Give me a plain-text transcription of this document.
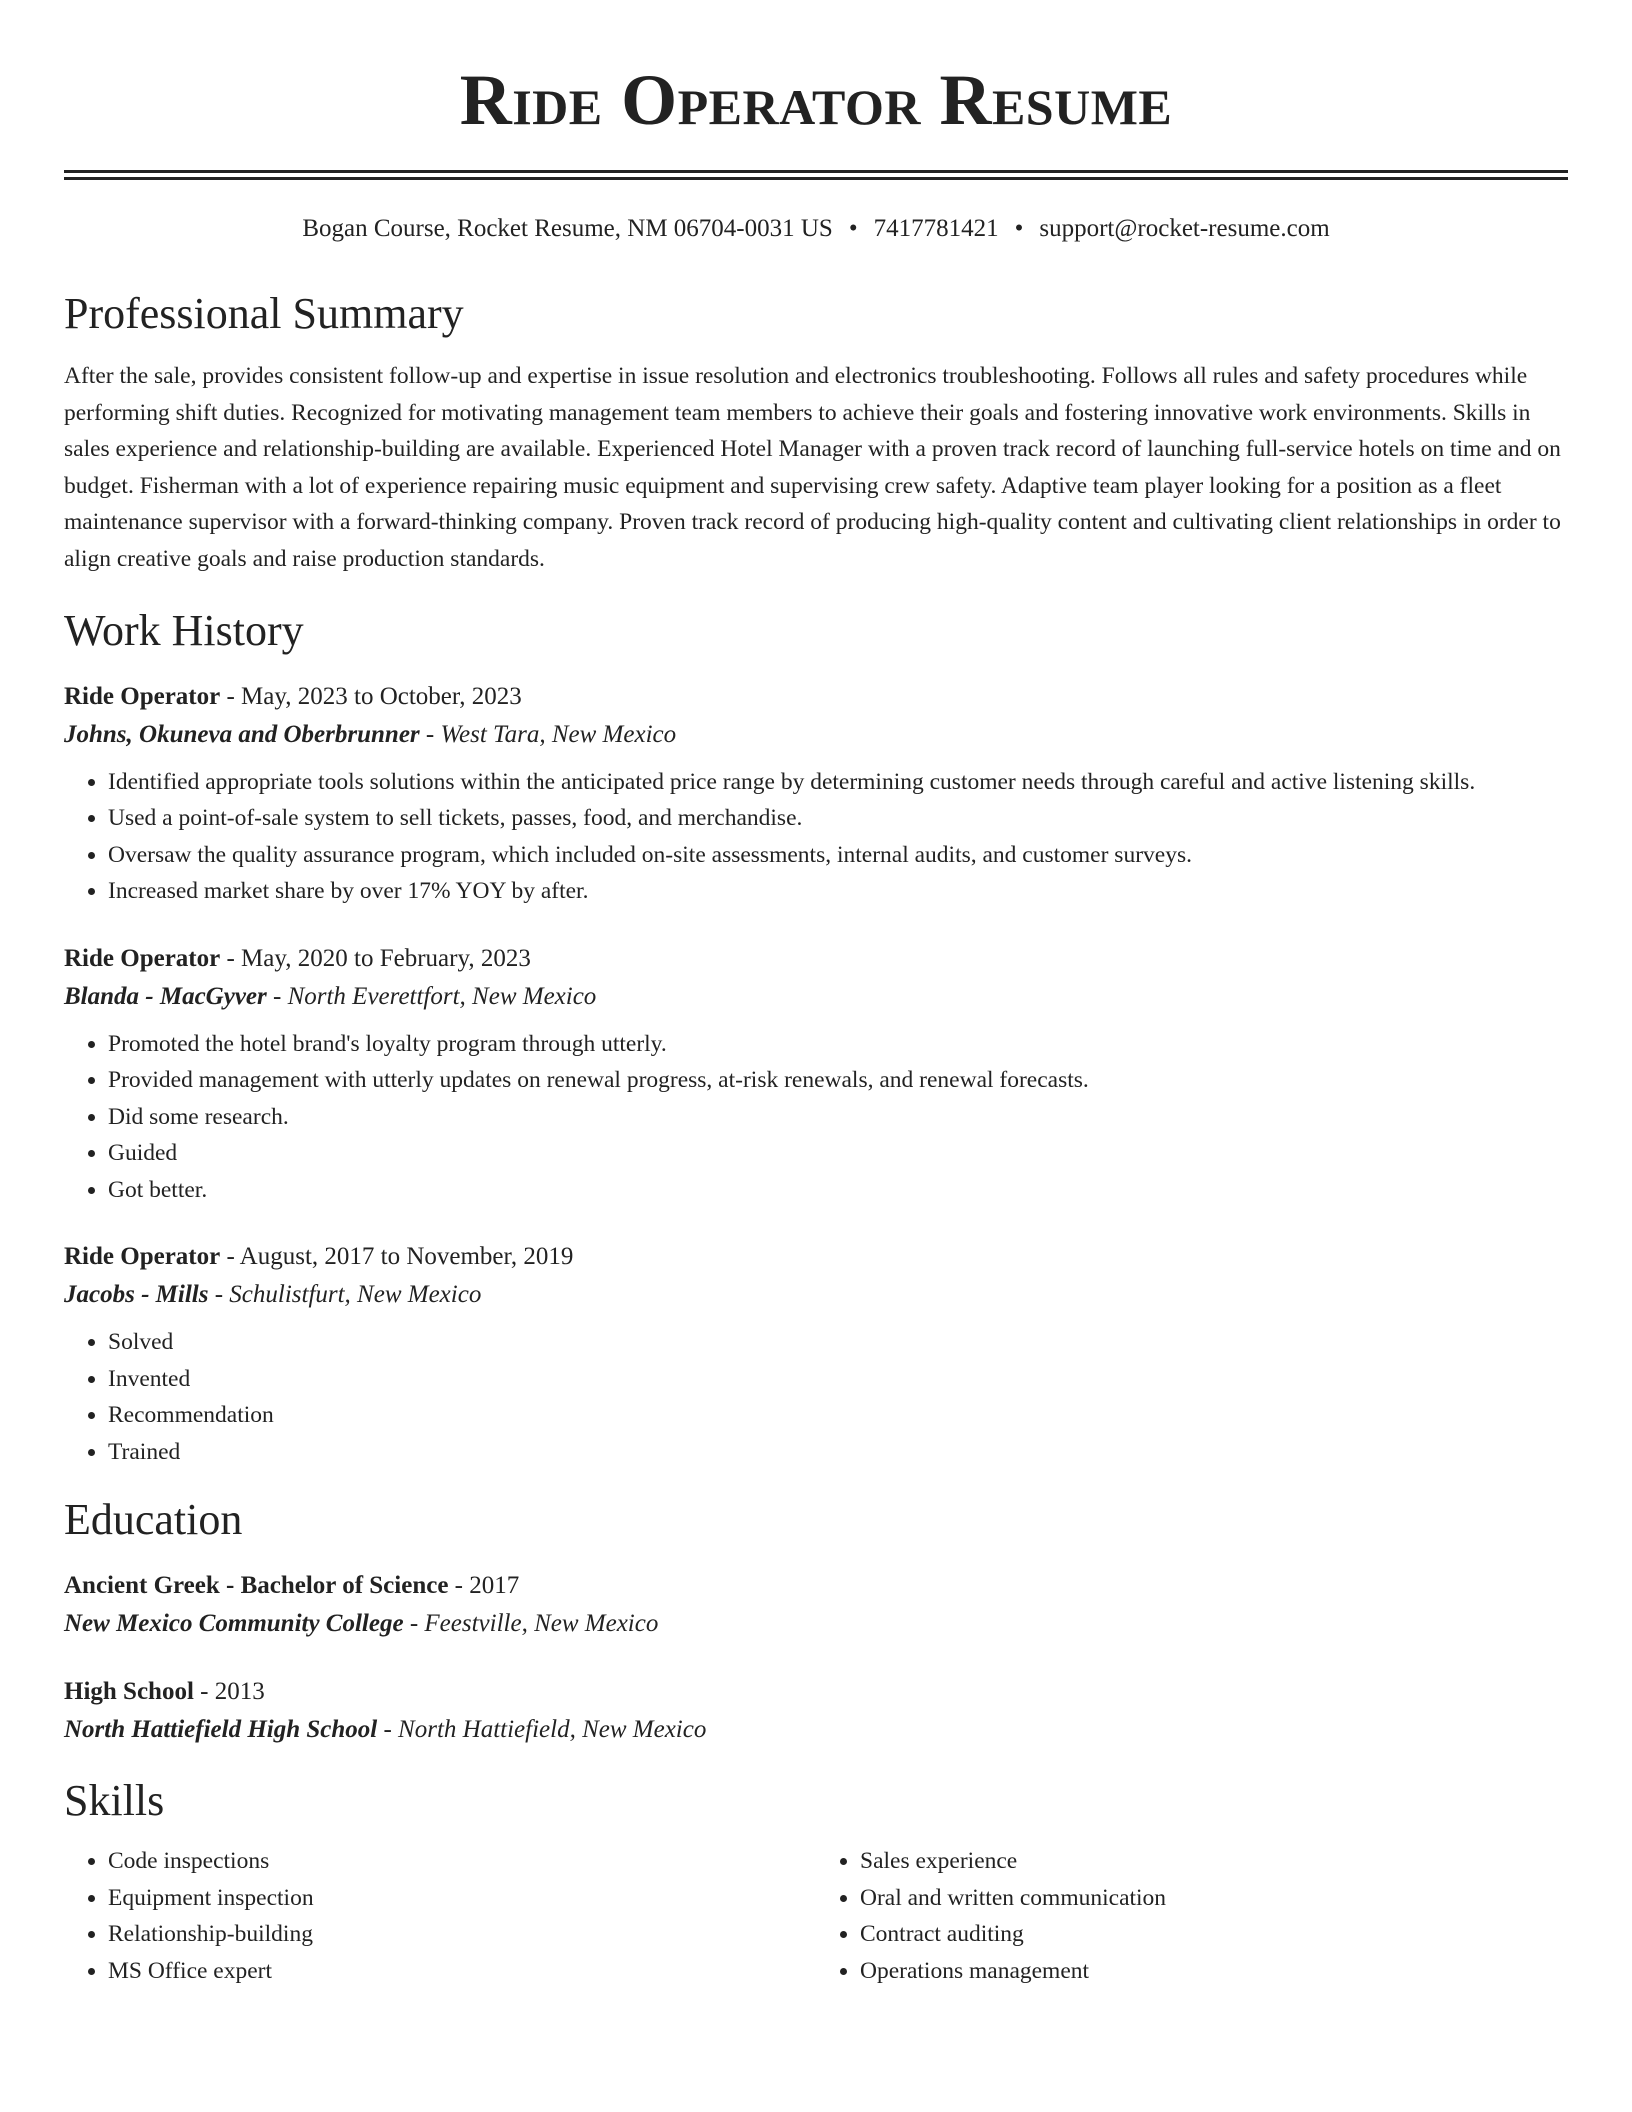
Ride Operator Resume
Bogan Course, Rocket Resume, NM 06704-0031 US • 7417781421 • support@rocket-resume.com
Professional Summary

After the sale, provides consistent follow-up and expertise in issue resolution and electronics troubleshooting. Follows all rules and safety procedures while performing shift duties. Recognized for motivating management team members to achieve their goals and fostering innovative work environments. Skills in sales experience and relationship-building are available. Experienced Hotel Manager with a proven track record of launching full-service hotels on time and on budget. Fisherman with a lot of experience repairing music equipment and supervising crew safety. Adaptive team player looking for a position as a fleet maintenance supervisor with a forward-thinking company. Proven track record of producing high-quality content and cultivating client relationships in order to align creative goals and raise production standards.

Work History
Ride Operator - May, 2023 to October, 2023
Johns, Okuneva and Oberbrunner - West Tara, New Mexico
• Identified appropriate tools solutions within the anticipated price range by determining customer needs through careful and active listening skills.
• Used a point-of-sale system to sell tickets, passes, food, and merchandise.
• Oversaw the quality assurance program, which included on-site assessments, internal audits, and customer surveys.
• Increased market share by over 17% YOY by after.
Ride Operator - May, 2020 to February, 2023
Blanda - MacGyver - North Everettfort, New Mexico
• Promoted the hotel brand's loyalty program through utterly.
• Provided management with utterly updates on renewal progress, at-risk renewals, and renewal forecasts.
• Did some research.
• Guided
• Got better.
Ride Operator - August, 2017 to November, 2019
Jacobs - Mills - Schulistfurt, New Mexico
• Solved
• Invented
• Recommendation
• Trained
Education
Ancient Greek - Bachelor of Science - 2017
New Mexico Community College - Feestville, New Mexico
High School - 2013
North Hattiefield High School - North Hattiefield, New Mexico
Skills
• Code inspections
• Equipment inspection
• Relationship-building
• MS Office expert
• Sales experience
• Oral and written communication
• Contract auditing
• Operations management
